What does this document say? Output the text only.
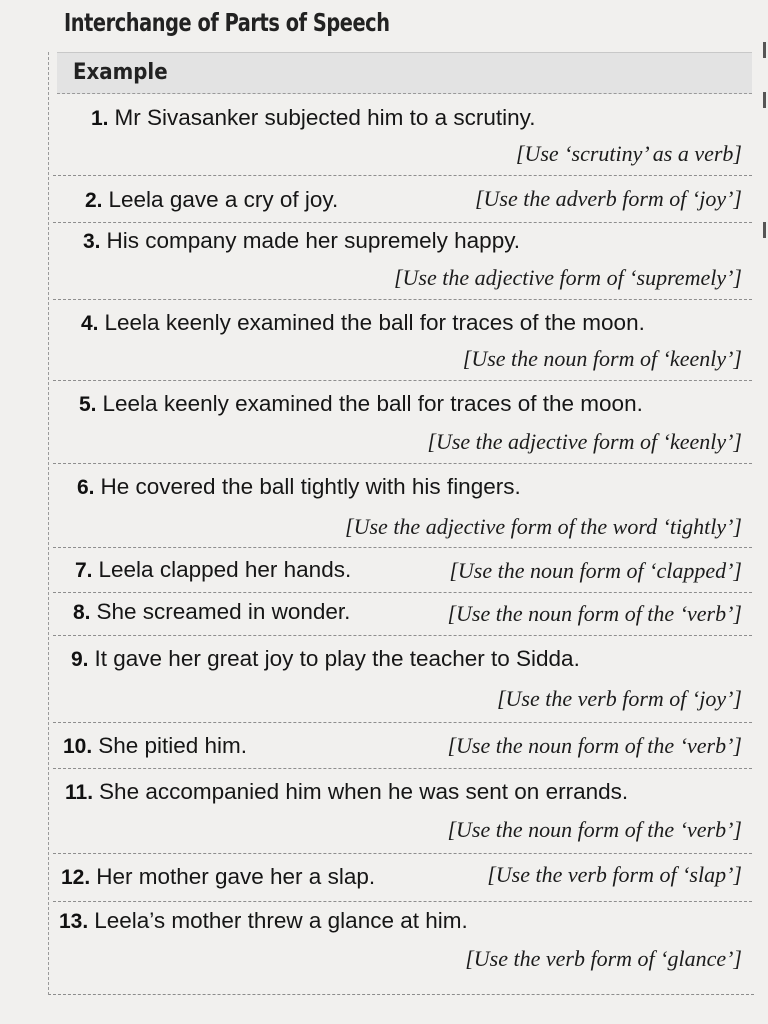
Interchange of Parts of Speech
Example
1. Mr Sivasanker subjected him to a scrutiny.
[Use ‘scrutiny’ as a verb]
2. Leela gave a cry of joy.	[Use the adverb form of ‘joy’]
3. His company made her supremely happy.
[Use the adjective form of ‘supremely’]
4. Leela keenly examined the ball for traces of the moon.
[Use the noun form of ‘keenly’]
5. Leela keenly examined the ball for traces of the moon.
[Use the adjective form of ‘keenly’]
6. He covered the ball tightly with his fingers.
[Use the adjective form of the word ‘tightly’]
7. Leela clapped her hands.	[Use the noun form of ‘clapped’]
8. She screamed in wonder.	[Use the noun form of the ‘verb’]
9. It gave her great joy to play the teacher to Sidda.
[Use the verb form of ‘joy’]
10. She pitied him.	[Use the noun form of the ‘verb’]
11. She accompanied him when he was sent on errands.
[Use the noun form of the ‘verb’]
12. Her mother gave her a slap.	[Use the verb form of ‘slap’]
13. Leela’s mother threw a glance at him.
[Use the verb form of ‘glance’]
